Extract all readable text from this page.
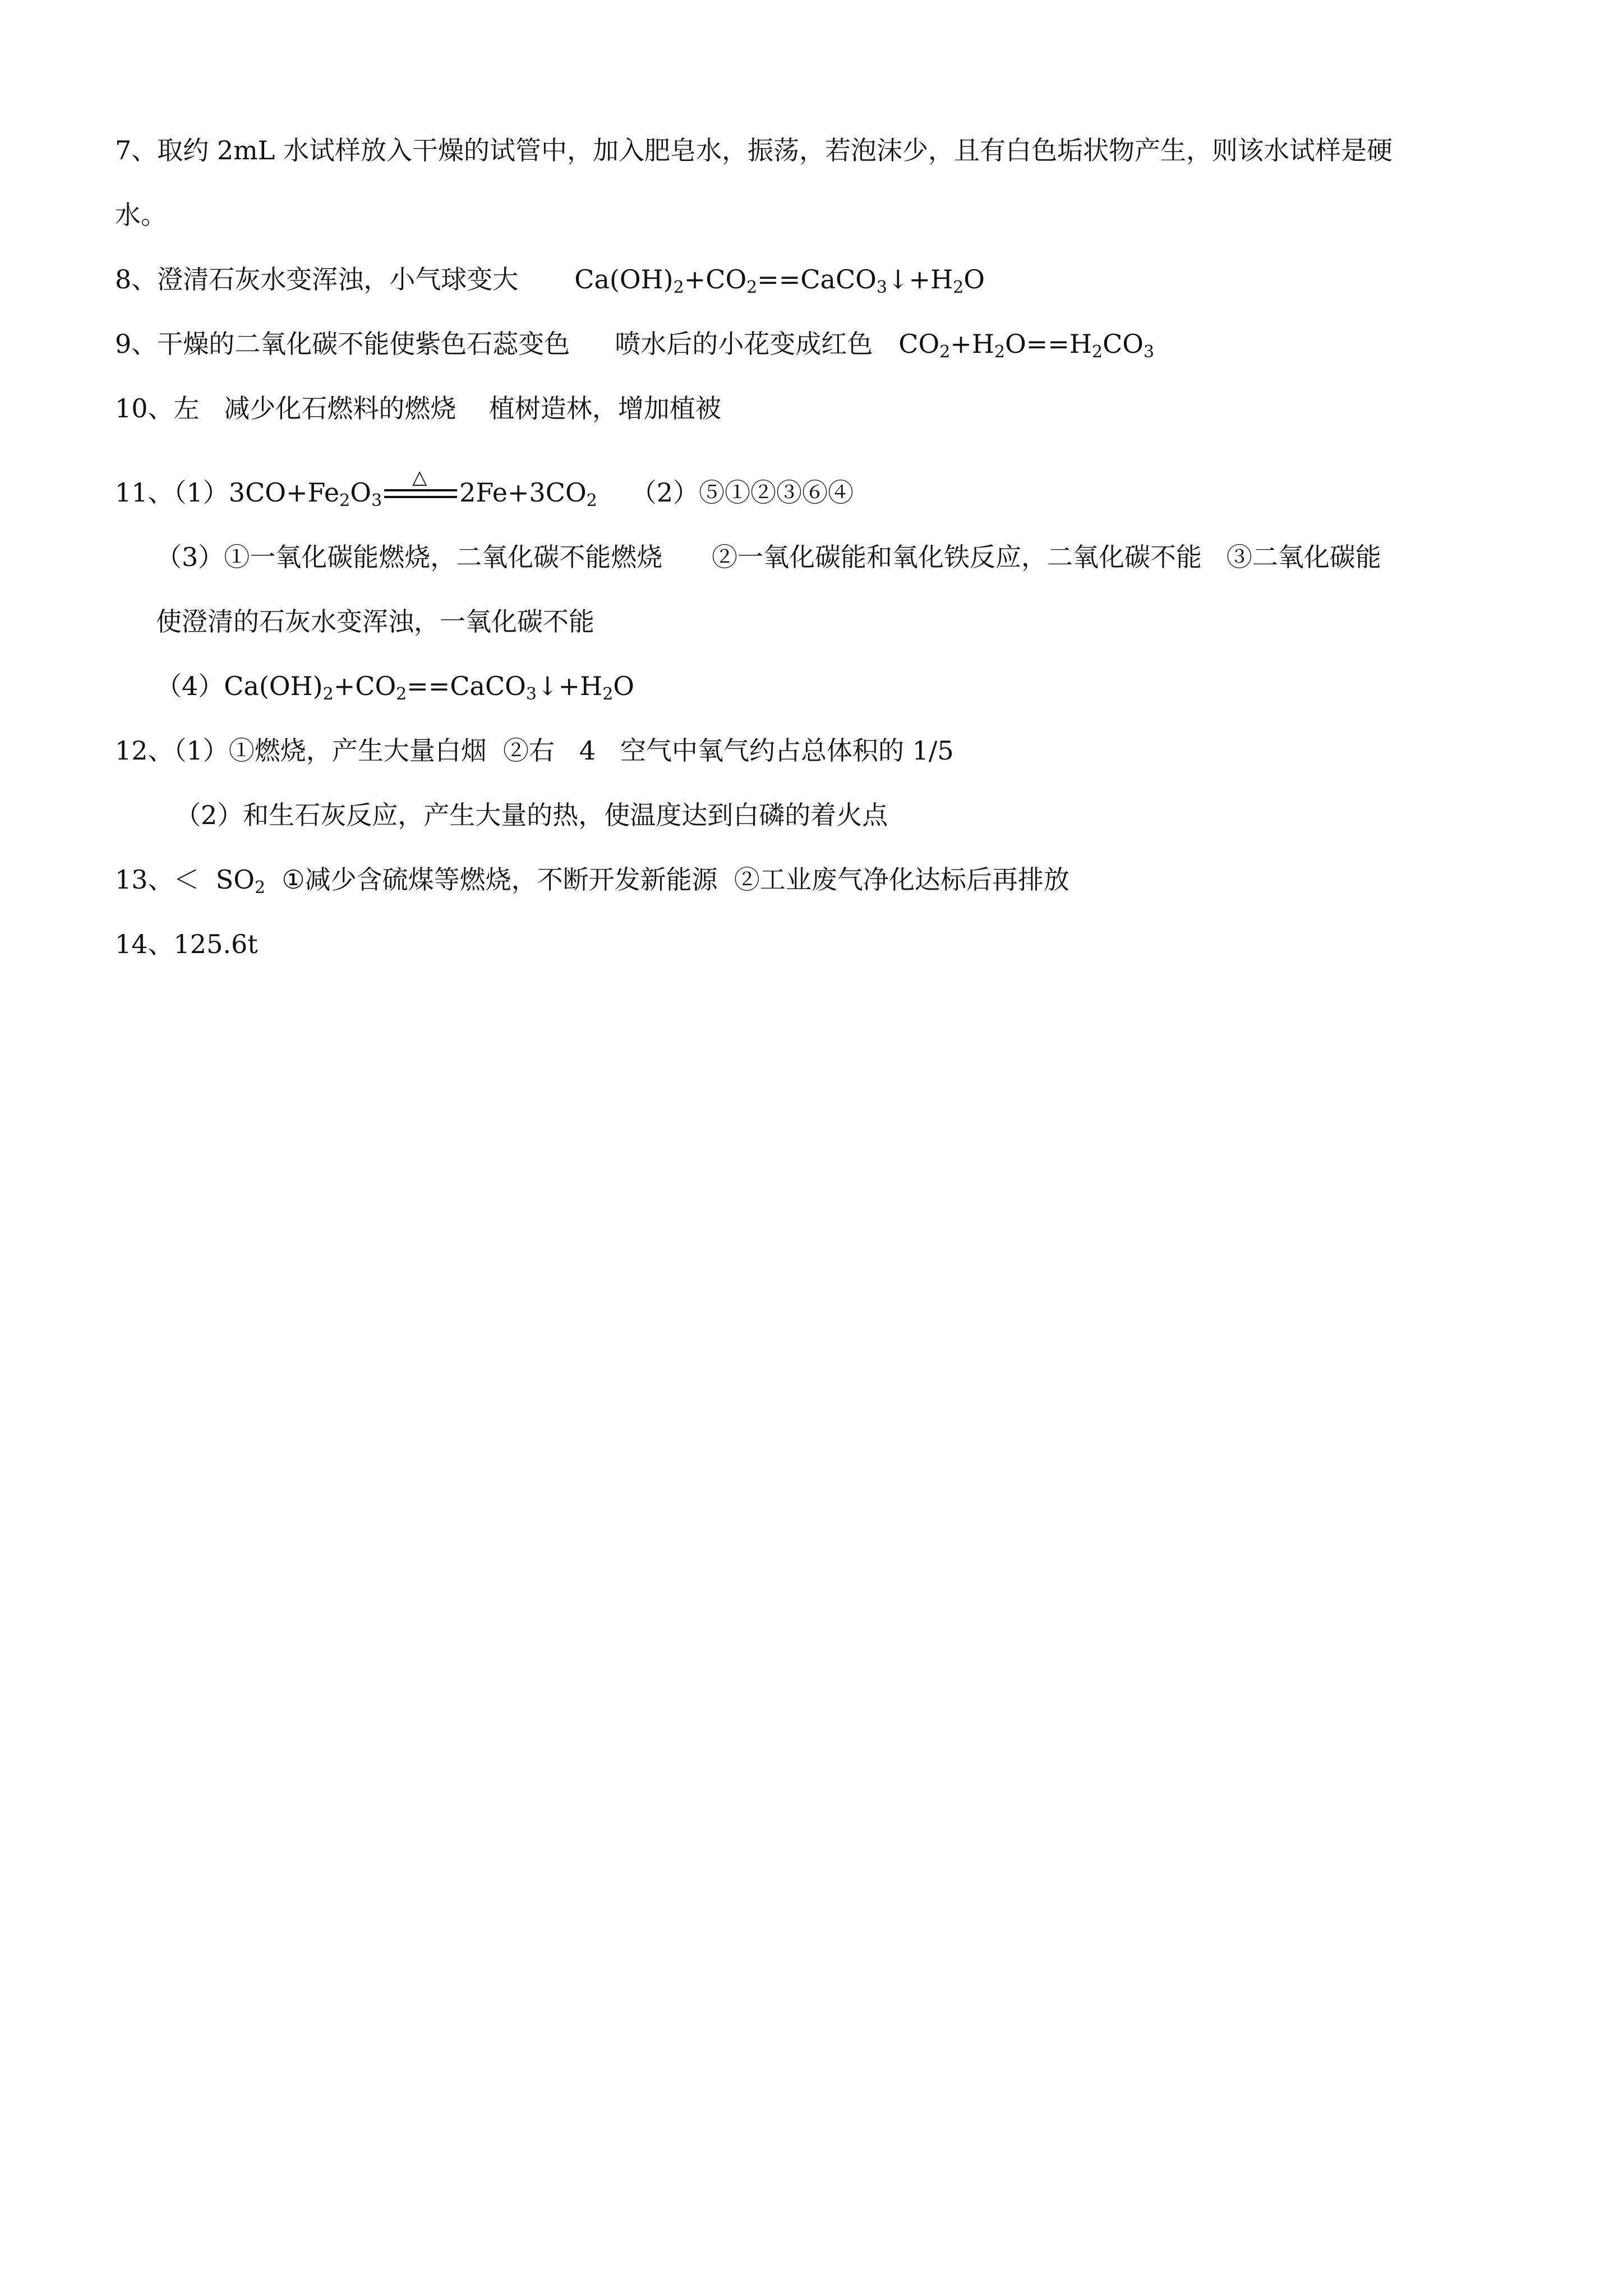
7、取约 2mL 水试样放入干燥的试管中，加入肥皂水，振荡，若泡沫少，且有白色垢状物产生，则该水试样是硬
水。
8、澄清石灰水变浑浊，小气球变大 $Ca(OH)_2+CO_2==CaCO_3↓+H_2O$
9、干燥的二氧化碳不能使紫色石蕊变色 喷水后的小花变成红色 $CO_2+H_2O==H_2CO_3$
10、左   减少化石燃料的燃烧    植树造林，增加植被
11、$(1)3CO+Fe_2O_3$
△ $2Fe+3CO_2$ （2）⑤①②③⑥④
（3）①一氧化碳能燃烧，二氧化碳不能燃烧      ②一氧化碳能和氧化铁反应，二氧化碳不能   ③二氧化碳能
使澄清的石灰水变浑浊，一氧化碳不能
$(4)Ca(OH)_2+CO_2==CaCO_3↓+H_2O$
12、（1）①燃烧，产生大量白烟  ②右   4   空气中氧气约占总体积的 1/5
（2）和生石灰反应，产生大量的热，使温度达到白磷的着火点
13、＜  $SO_2$  ①减少含硫煤等燃烧，不断开发新能源  ②工业废气净化达标后再排放
14、125.6t
